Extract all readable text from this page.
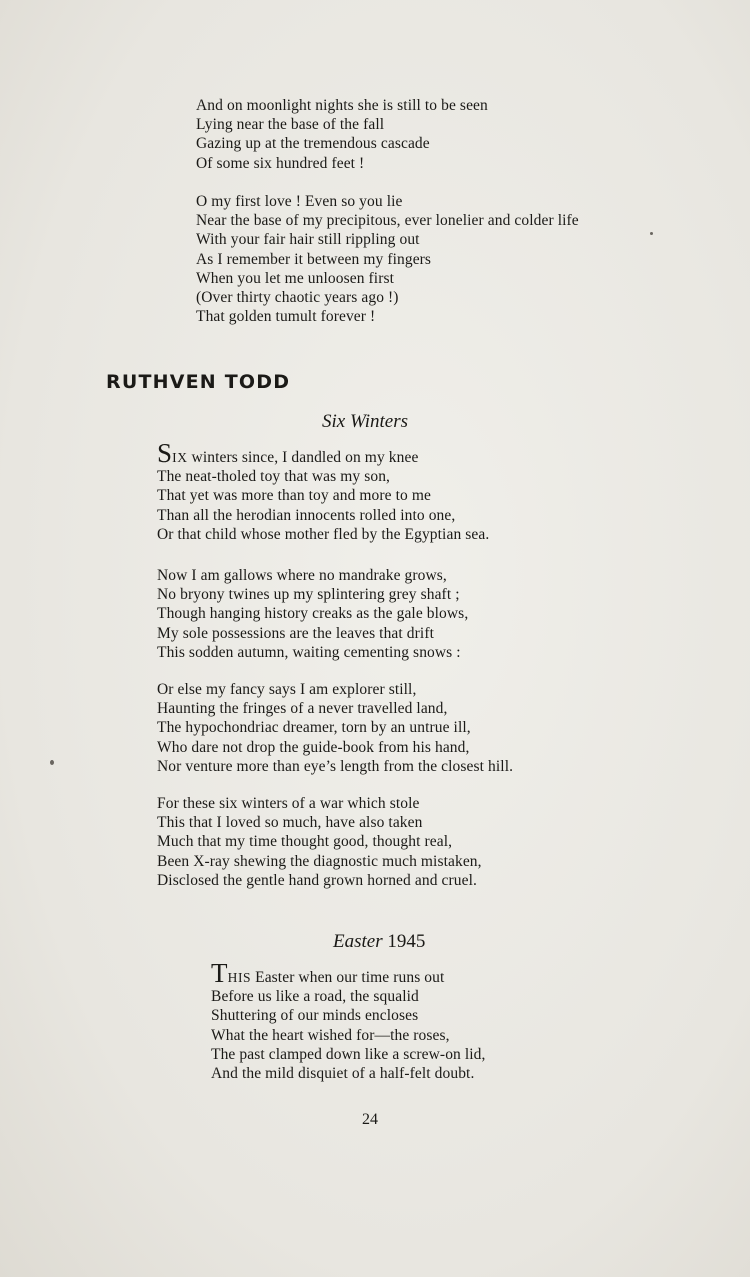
And on moonlight nights she is still to be seen
Lying near the base of the fall
Gazing up at the tremendous cascade
Of some six hundred feet !
O my first love ! Even so you lie
Near the base of my precipitous, ever lonelier and colder life
With your fair hair still rippling out
As I remember it between my fingers
When you let me unloosen first
(Over thirty chaotic years ago !)
That golden tumult forever !
RUTHVEN TODD
Six Winters
SIX winters since, I dandled on my knee
The neat-tholed toy that was my son,
That yet was more than toy and more to me
Than all the herodian innocents rolled into one,
Or that child whose mother fled by the Egyptian sea.
Now I am gallows where no mandrake grows,
No bryony twines up my splintering grey shaft ;
Though hanging history creaks as the gale blows,
My sole possessions are the leaves that drift
This sodden autumn, waiting cementing snows :
Or else my fancy says I am explorer still,
Haunting the fringes of a never travelled land,
The hypochondriac dreamer, torn by an untrue ill,
Who dare not drop the guide-book from his hand,
Nor venture more than eye’s length from the closest hill.
For these six winters of a war which stole
This that I loved so much, have also taken
Much that my time thought good, thought real,
Been X-ray shewing the diagnostic much mistaken,
Disclosed the gentle hand grown horned and cruel.
Easter 1945
THIS Easter when our time runs out
Before us like a road, the squalid
Shuttering of our minds encloses
What the heart wished for—the roses,
The past clamped down like a screw-on lid,
And the mild disquiet of a half-felt doubt.

24
